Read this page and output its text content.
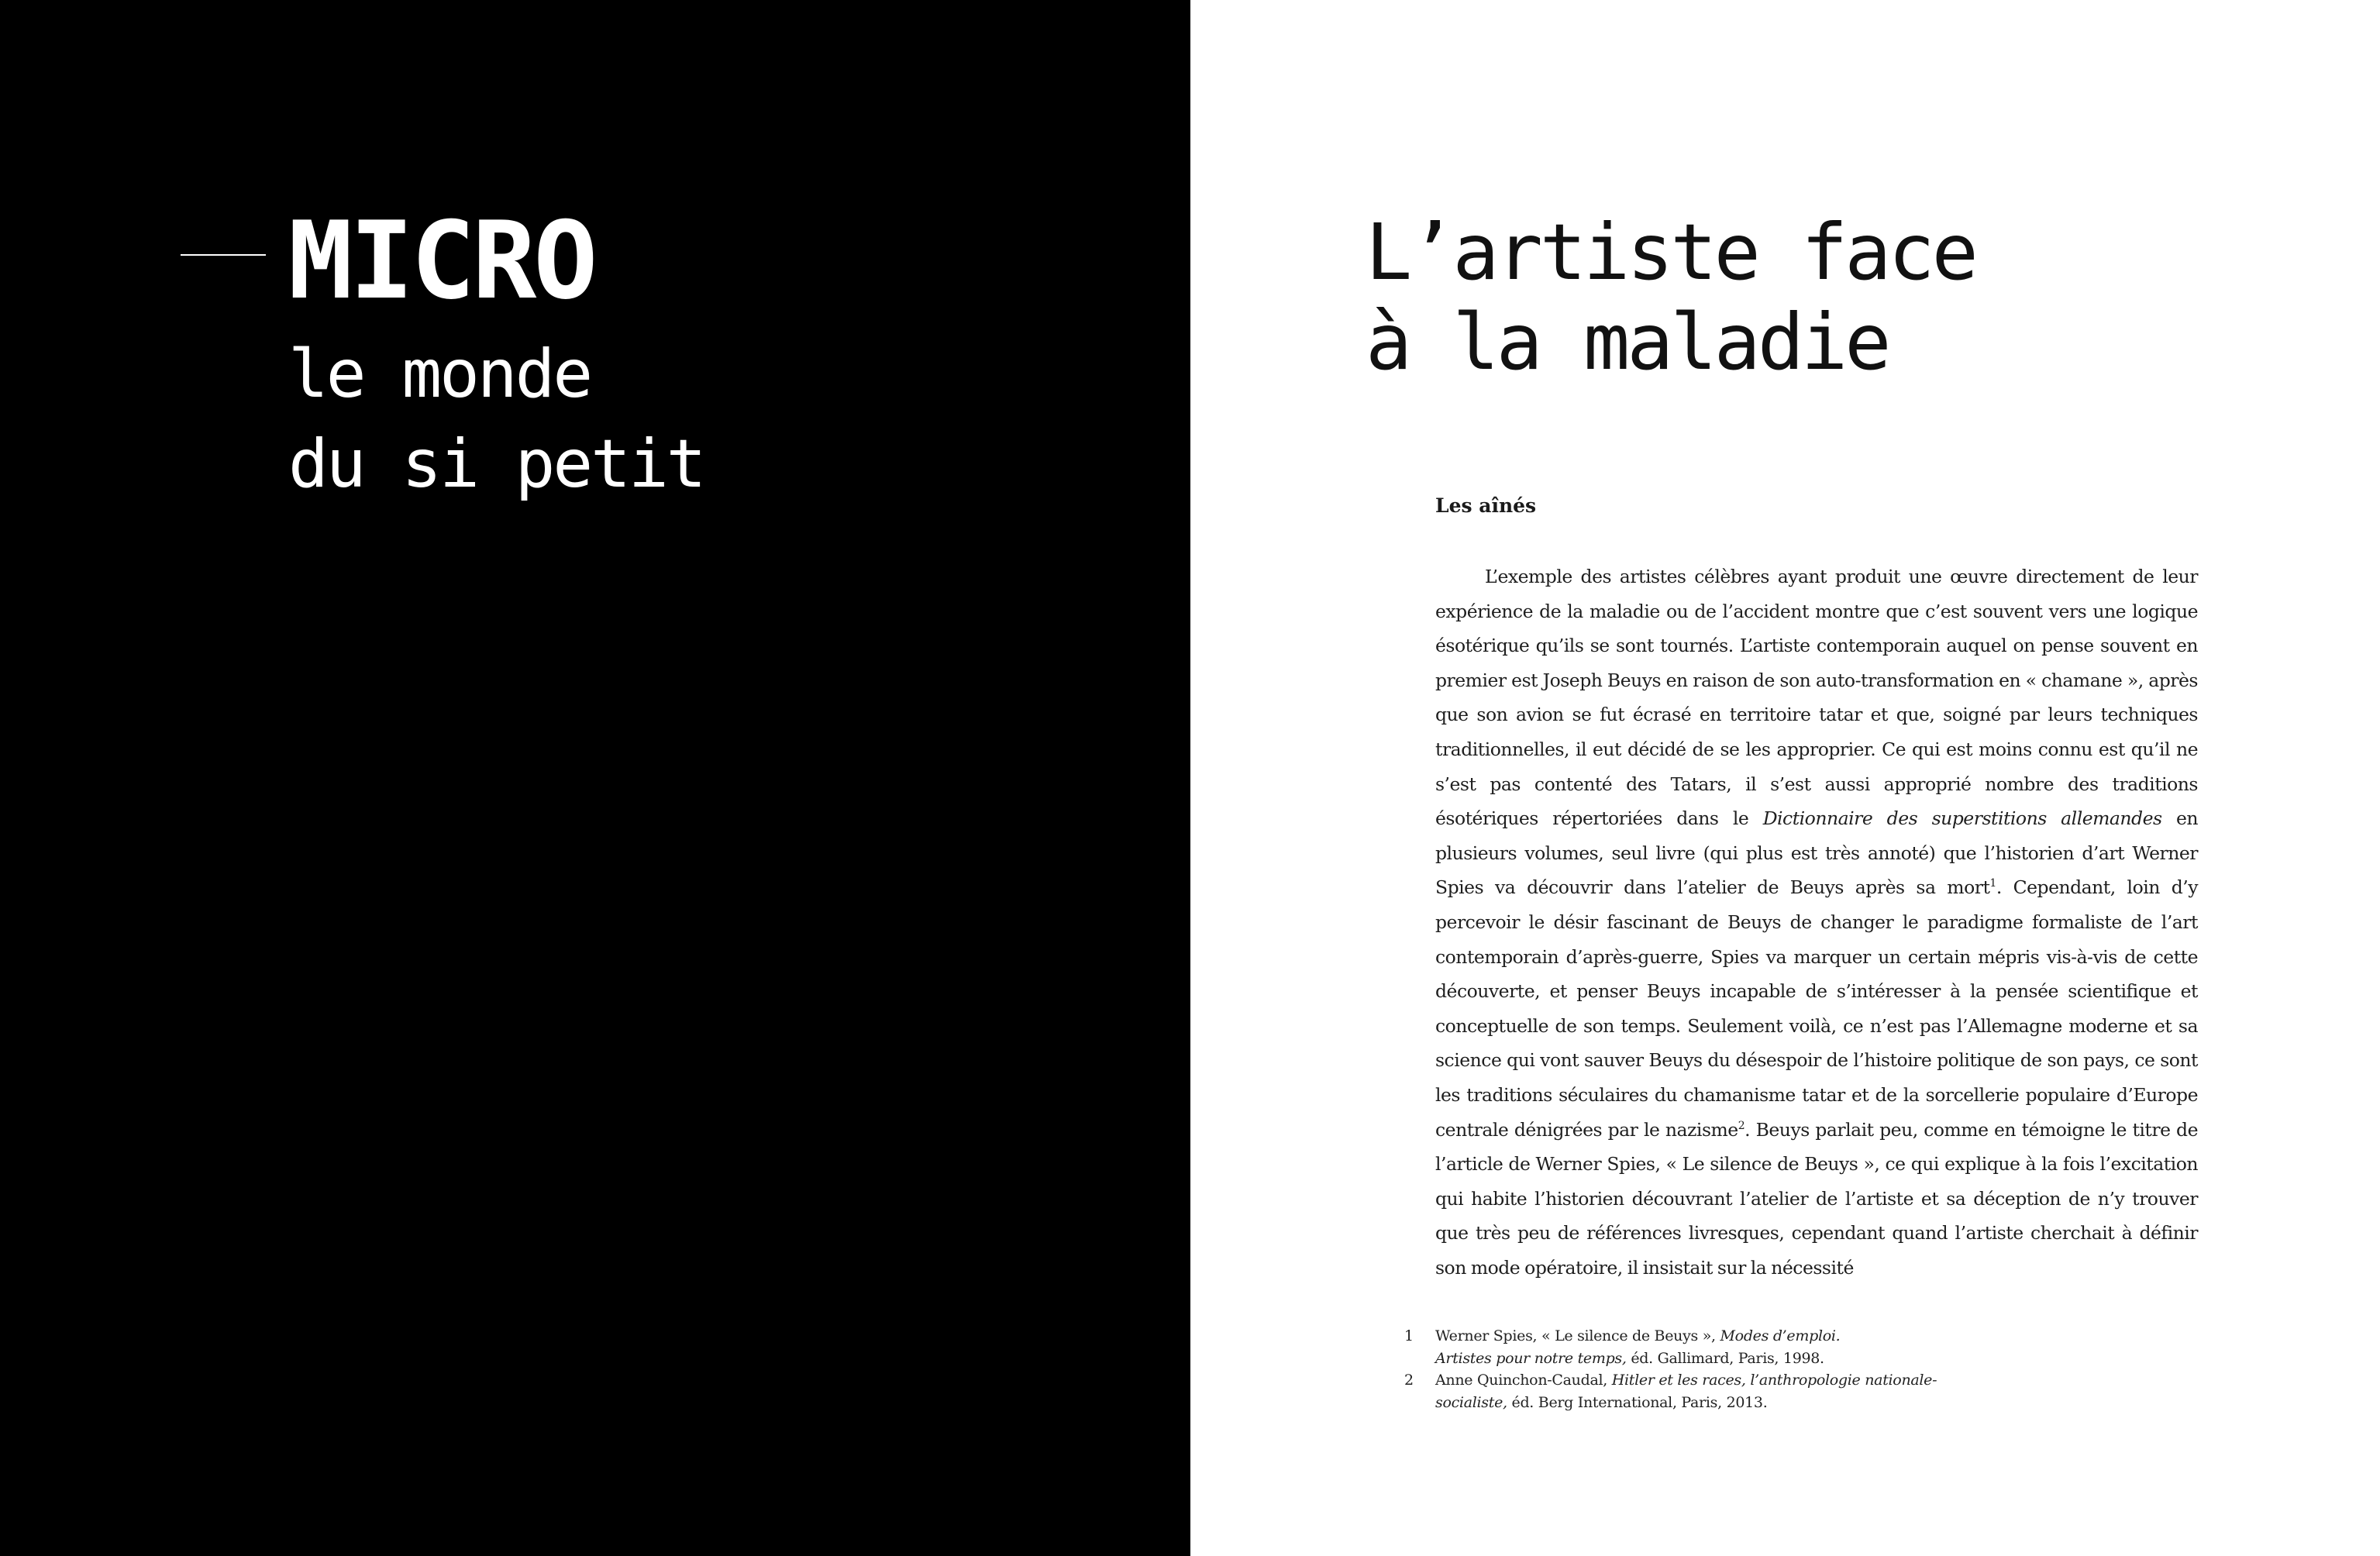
MICRO
le monde
du si petit
L’artiste face
à la maladie
Les aînés

L’exemple des artistes célèbres ayant produit une œuvre directement de leur expérience de la maladie ou de l’accident montre que c’est souvent vers une logique ésotérique qu’ils se sont tournés. L’artiste contemporain auquel on pense souvent en premier est Joseph Beuys en raison de son auto-transformation en « chamane », après que son avion se fut écrasé en territoire tatar et que, soigné par leurs techniques traditionnelles, il eut décidé de se les approprier. Ce qui est moins connu est qu’il ne s’est pas contenté des Tatars, il s’est aussi approprié nombre des traditions ésotériques répertoriées dans le Dictionnaire des superstitions allemandes en plusieurs volumes, seul livre (qui plus est très annoté) que l’historien d’art Werner Spies va découvrir dans l’atelier de Beuys après sa mort$^1$. Cependant, loin d’y percevoir le désir fascinant de Beuys de changer le paradigme formaliste de l’art contemporain d’après-guerre, Spies va marquer un certain mépris vis-à-vis de cette découverte, et penser Beuys incapable de s’intéresser à la pensée scientifique et conceptuelle de son temps. Seulement voilà, ce n’est pas l’Allemagne moderne et sa science qui vont sauver Beuys du désespoir de l’histoire politique de son pays, ce sont les traditions séculaires du chamanisme tatar et de la sorcellerie populaire d’Europe centrale dénigrées par le nazisme$^2$. Beuys parlait peu, comme en témoigne le titre de l’article de Werner Spies, « Le silence de Beuys », ce qui explique à la fois l’excitation qui habite l’historien découvrant l’atelier de l’artiste et sa déception de n’y trouver que très peu de références livresques, cependant quand l’artiste cherchait à définir son mode opératoire, il insistait sur la nécessité

1	Werner Spies, « Le silence de Beuys », Modes d’emploi.
Artistes pour notre temps, éd. Gallimard, Paris, 1998.
2	Anne Quinchon-Caudal, Hitler et les races, l’anthropologie nationale-
socialiste, éd. Berg International, Paris, 2013.
